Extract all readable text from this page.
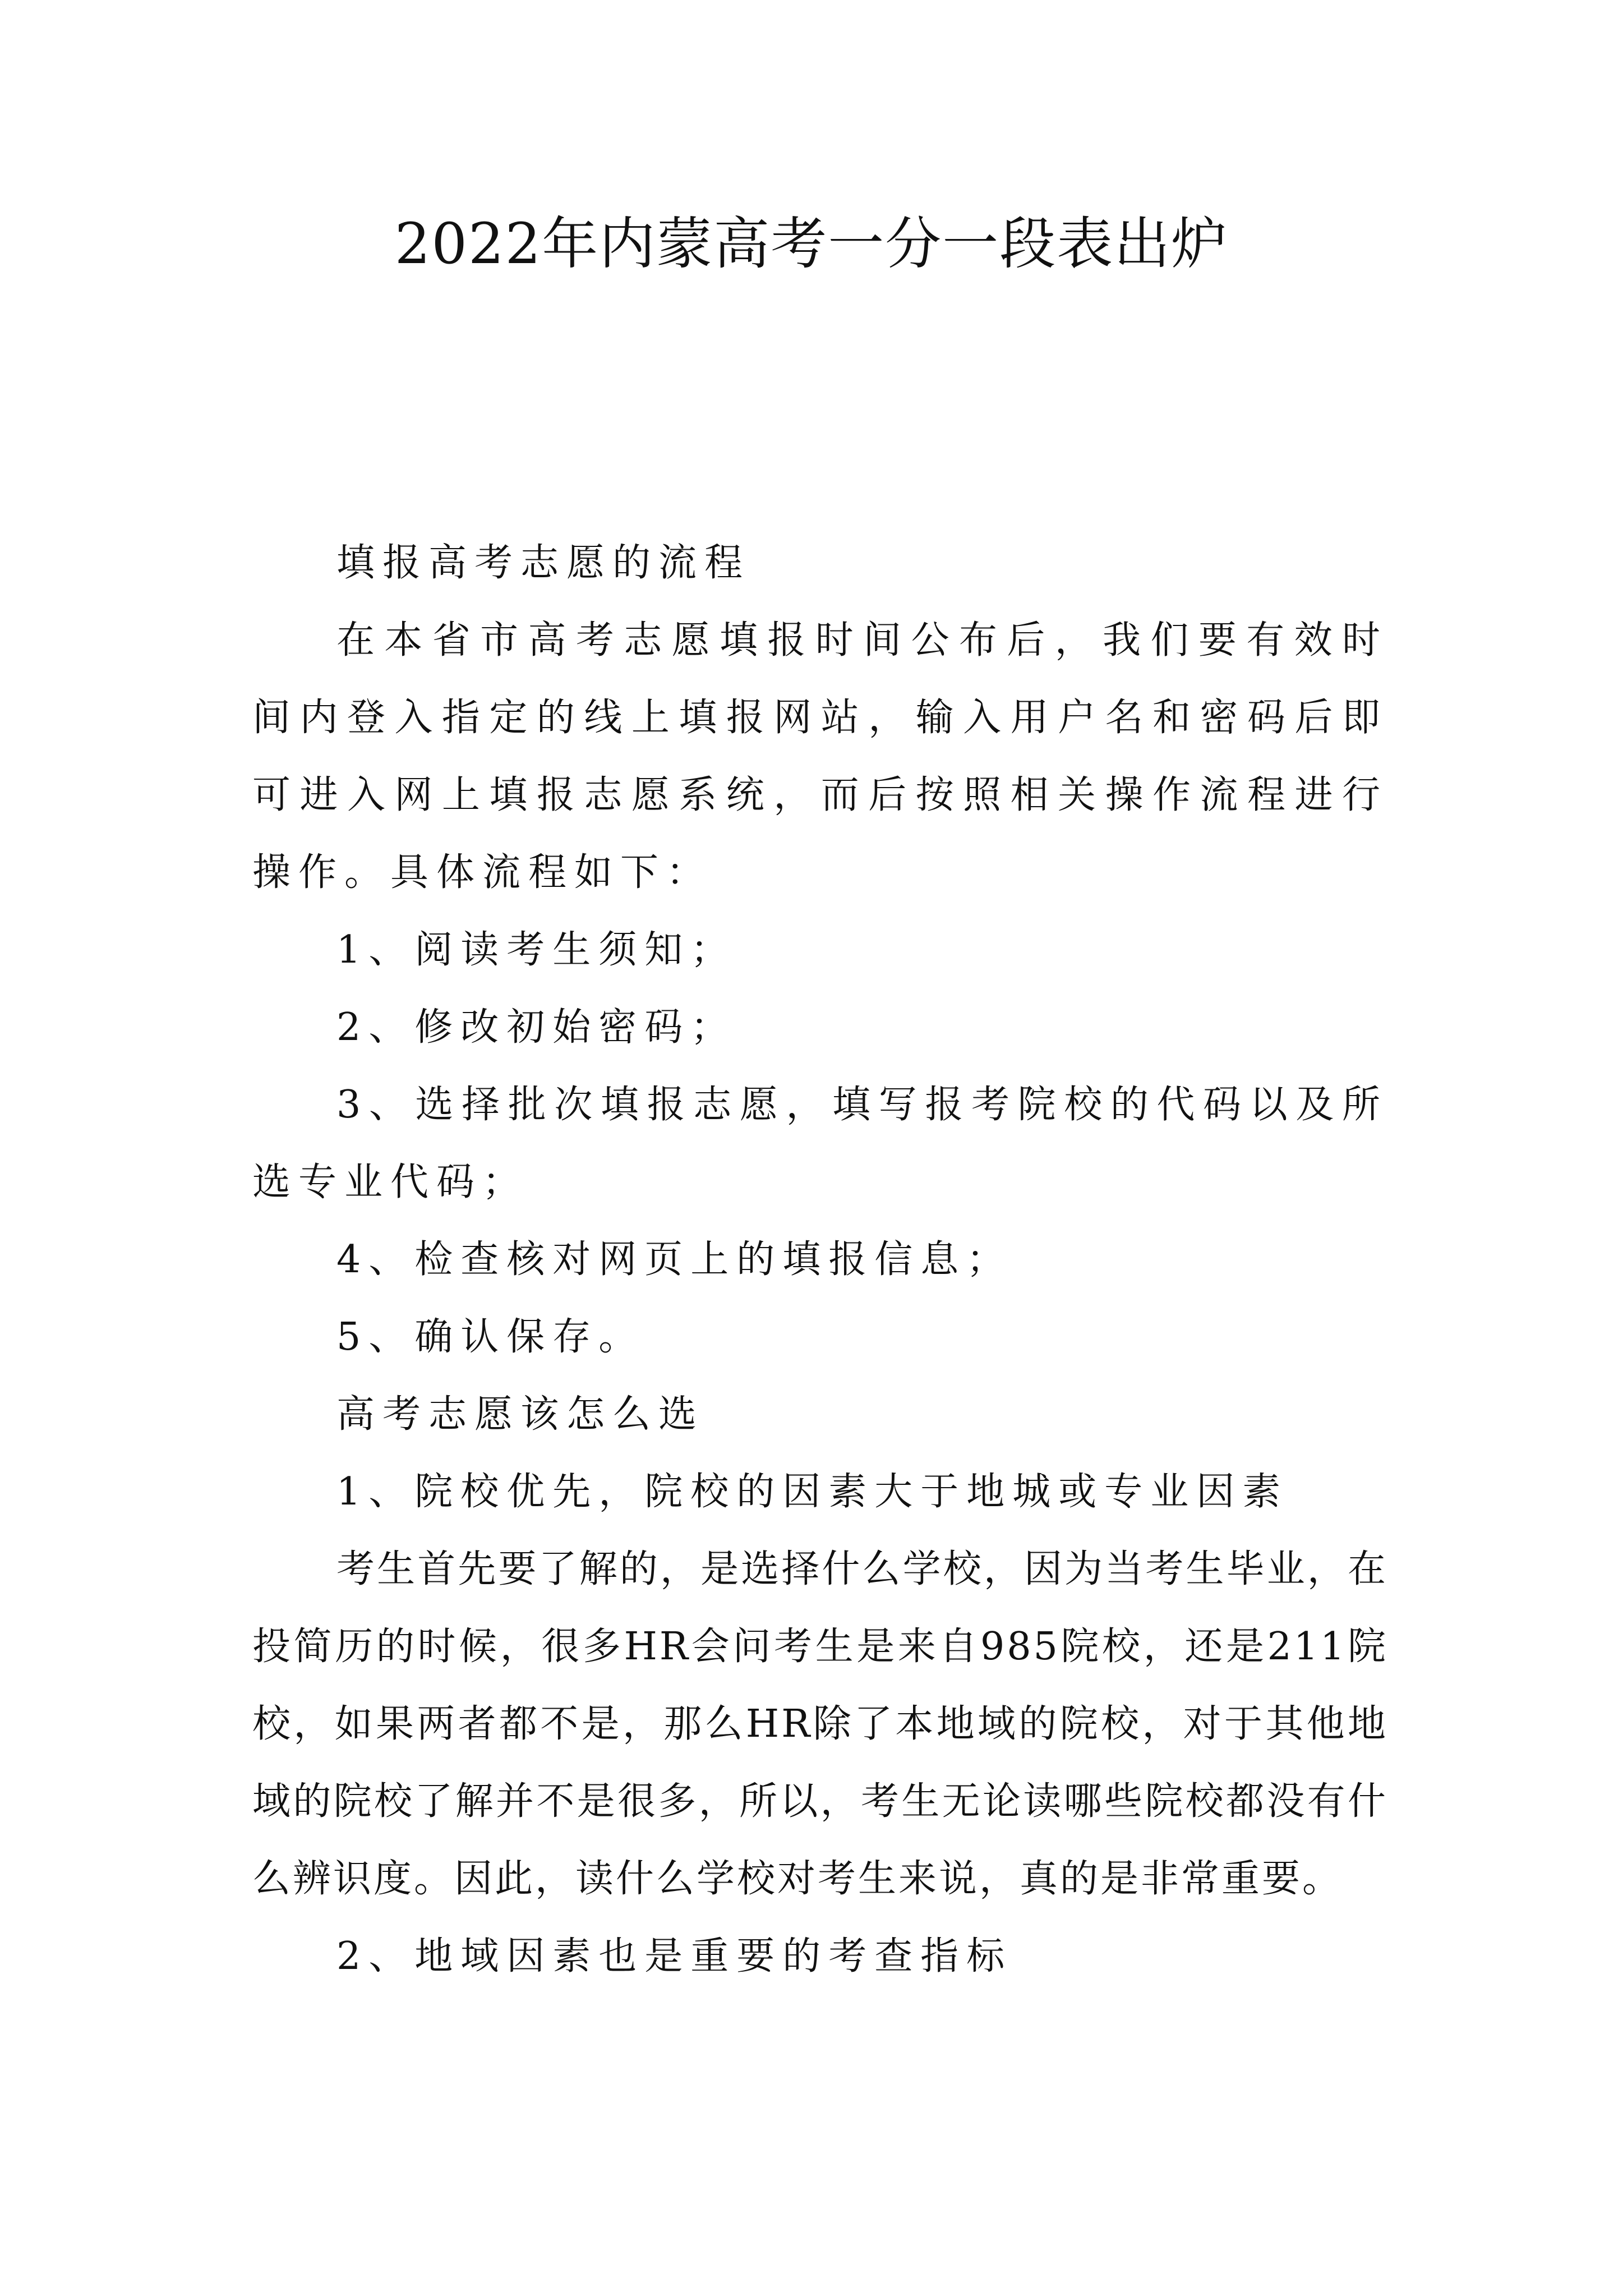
2022年内蒙高考一分一段表出炉

填报高考志愿的流程

在本省市高考志愿填报时间公布后，我们要有效时间内登入指定的线上填报网站，输入用户名和密码后即可进入网上填报志愿系统，而后按照相关操作流程进行操作。具体流程如下：

1、阅读考生须知；

2、修改初始密码；

3、选择批次填报志愿，填写报考院校的代码以及所选专业代码；

4、检查核对网页上的填报信息；

5、确认保存。

高考志愿该怎么选

1、院校优先，院校的因素大于地城或专业因素

考生首先要了解的，是选择什么学校，因为当考生毕业，在投简历的时候，很多HR会问考生是来自985院校，还是211院校，如果两者都不是，那么HR除了本地域的院校，对于其他地域的院校了解并不是很多，所以，考生无论读哪些院校都没有什么辨识度。因此，读什么学校对考生来说，真的是非常重要。

2、地域因素也是重要的考查指标
